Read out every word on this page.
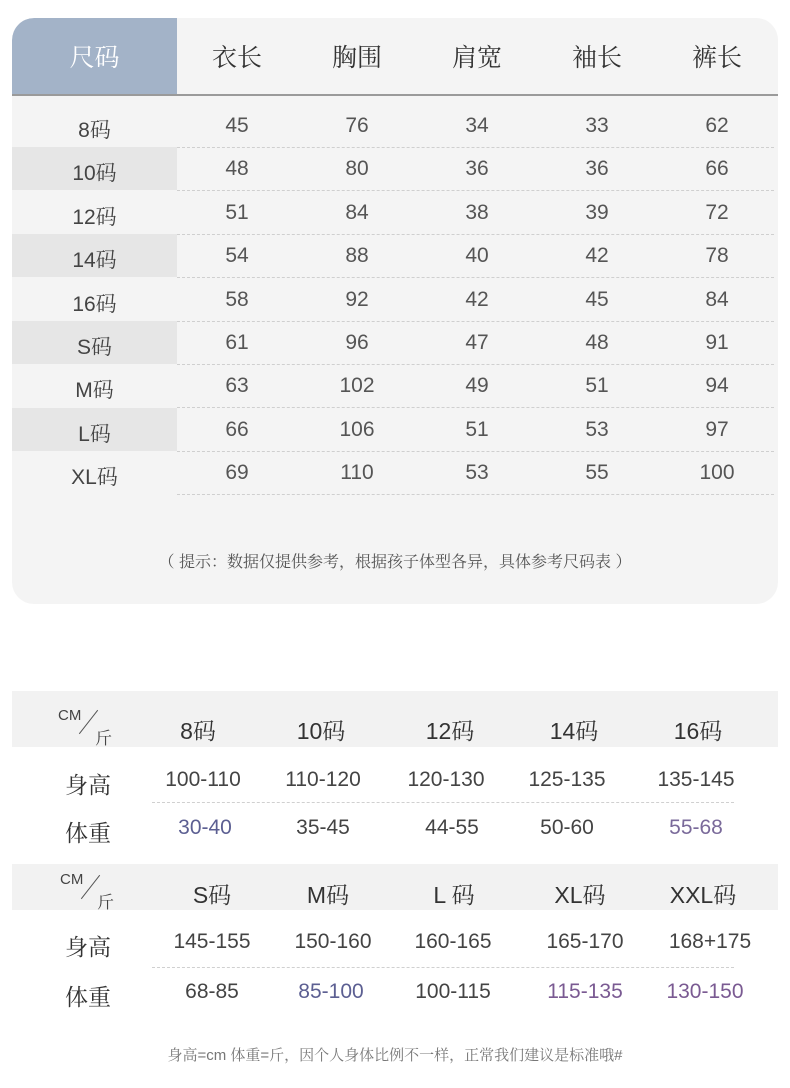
尺码	衣长	胸围	肩宽	袖长	裤长
8码	45	76	34	33	62
10码	48	80	36	36	66
12码	51	84	38	39	72
14码	54	88	40	42	78
16码	58	92	42	45	84
S码	61	96	47	48	91
M码	63	102	49	51	94
L码	66	106	51	53	97
XL码	69	110	53	55	100
（ 提示：数据仅提供参考，根据孩子体型各异，具体参考尺码表 ）
CM
斤	8码	10码	12码	14码	16码
身高	100-110	110-120	120-130	125-135	135-145
体重	30-40	35-45	44-55	50-60	55-68
CM
斤	S码	M码	L 码	XL码	XXL码
身高	145-155	150-160	160-165	165-170	168+175
体重	68-85	85-100	100-115	115-135	130-150
身高=cm 体重=斤，因个人身体比例不一样，正常我们建议是标准哦#
